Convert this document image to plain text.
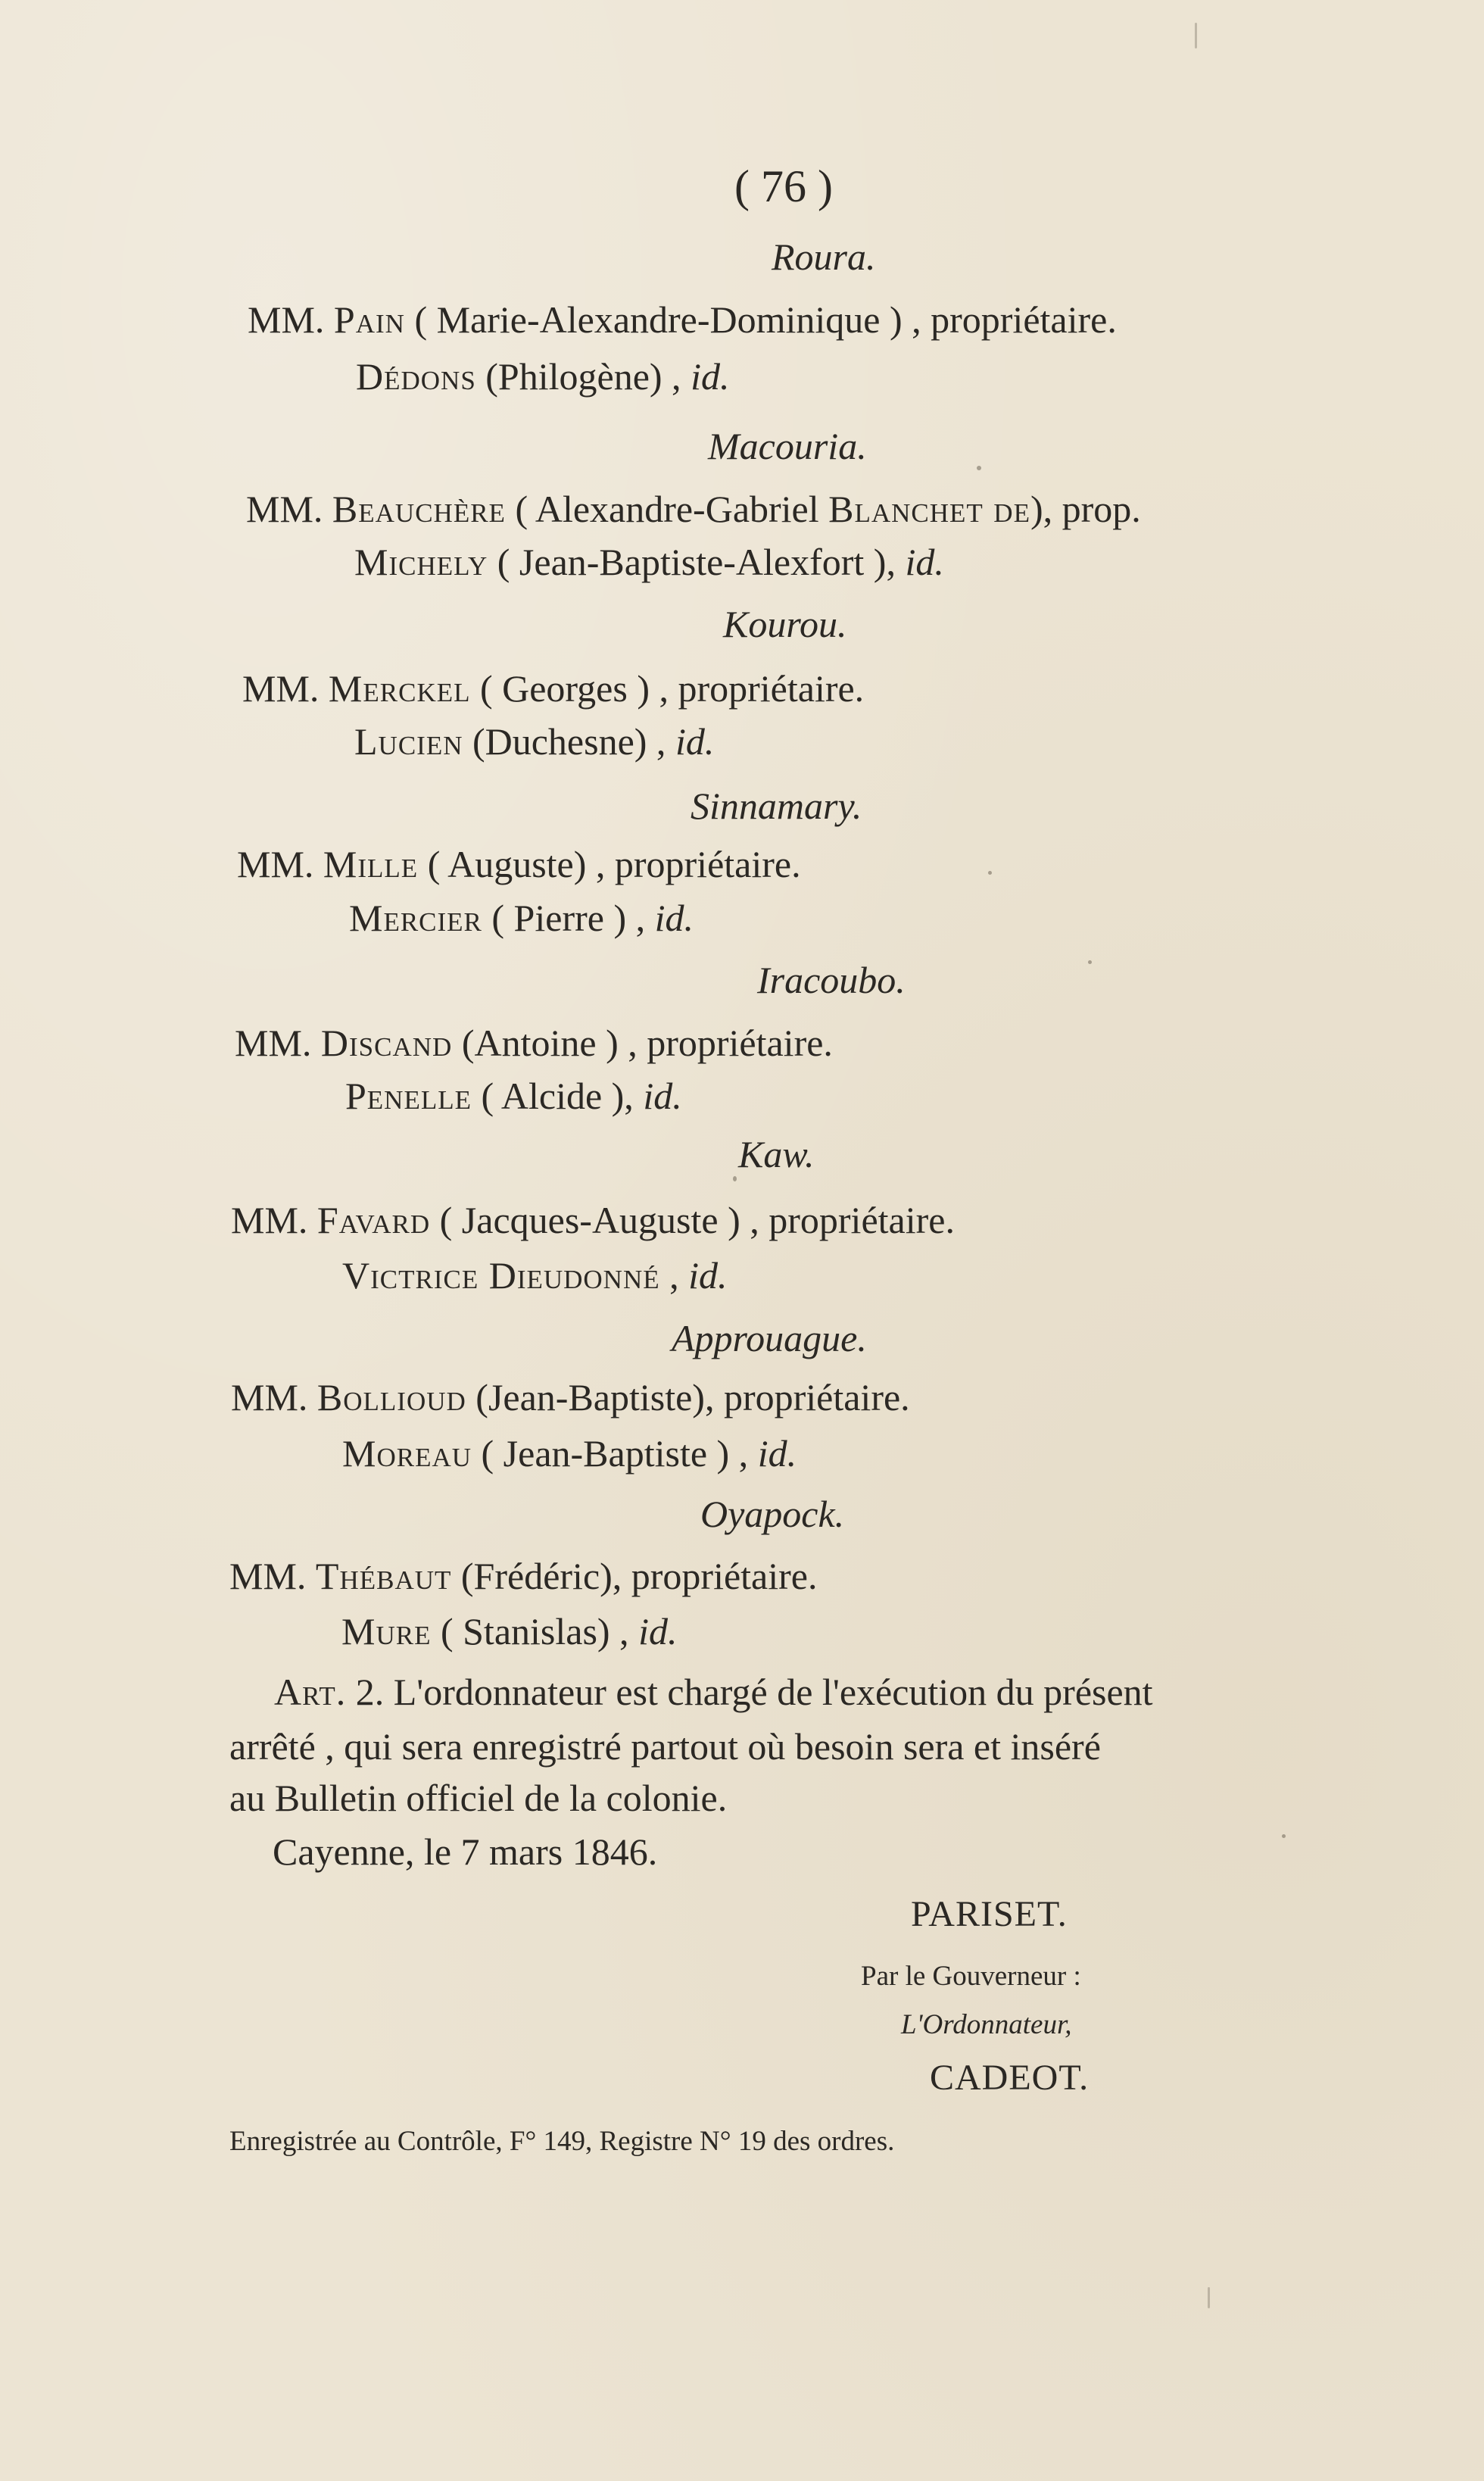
( 76 )
Roura.
MM. Pain ( Marie-Alexandre-Dominique ) , propriétaire.
Dédons (Philogène) , id.
Macouria.
MM. Beauchère ( Alexandre-Gabriel Blanchet de), prop.
Michely ( Jean-Baptiste-Alexfort ), id.
Kourou.
MM. Merckel ( Georges ) , propriétaire.
Lucien (Duchesne) , id.
Sinnamary.
MM. Mille ( Auguste) , propriétaire.
Mercier ( Pierre ) , id.
Iracoubo.
MM. Discand (Antoine ) , propriétaire.
Penelle ( Alcide ), id.
Kaw.
MM. Favard ( Jacques-Auguste ) , propriétaire.
Victrice Dieudonné , id.
Approuague.
MM. Bollioud (Jean-Baptiste), propriétaire.
Moreau ( Jean-Baptiste ) , id.
Oyapock.
MM. Thébaut (Frédéric), propriétaire.
Mure ( Stanislas) , id.
Art. 2. L'ordonnateur est chargé de l'exécution du présent
arrêté , qui sera enregistré partout où besoin sera et inséré
au Bulletin officiel de la colonie.
Cayenne, le 7 mars 1846.
PARISET.
Par le Gouverneur :
L'Ordonnateur,
CADEOT.
Enregistrée au Contrôle, F° 149, Registre N° 19 des ordres.
